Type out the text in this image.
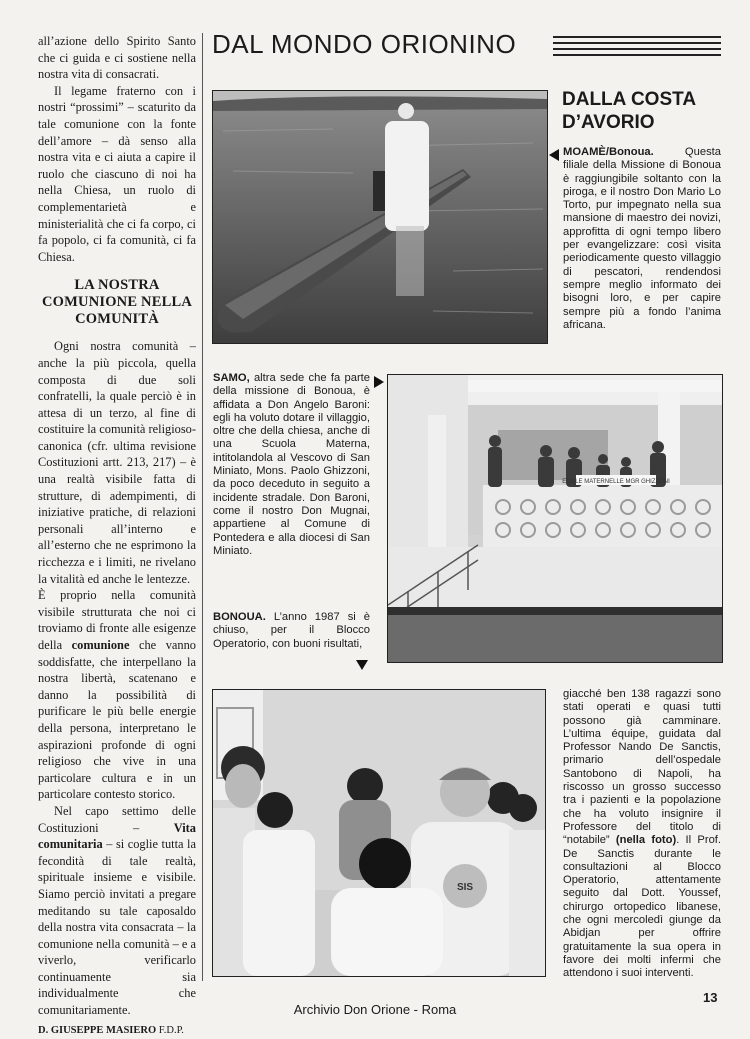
all’azione dello Spirito Santo che ci guida e ci sostiene nella nostra vita di consacrati.

Il legame fraterno con i nostri “prossimi” – scaturito da tale comunione con la fonte dell’amore – dà senso alla nostra vita e ci aiuta a capire il ruolo che ciascuno di noi ha nella Chiesa, un ruolo di complementarietà e ministerialità che ci fa corpo, ci fa popolo, ci fa comunità, ci fa Chiesa.

LA NOSTRA COMUNIONE NELLA COMUNITÀ

Ogni nostra comunità – anche la più piccola, quella composta di due soli confratelli, la quale perciò è in attesa di un terzo, al fine di costituire la comunità religioso-canonica (cfr. ultima revisione Costituzioni artt. 213, 217) – è una realtà visibile fatta di strutture, di adempimenti, di iniziative pratiche, di relazioni personali all’interno e all’esterno che ne esprimono la ricchezza e i limiti, ne rivelano la vitalità ed anche le lentezze.

È proprio nella comunità visibile strutturata che noi ci troviamo di fronte alle esigenze della comunione che vanno soddisfatte, che interpellano la nostra libertà, scatenano e danno la possibilità di purificare le più belle energie della persona, interpretano le aspirazioni profonde di ogni religioso che vive in una particolare cultura e in un particolare contesto storico.

Nel capo settimo delle Costituzioni – Vita comunitaria – si coglie tutta la fecondità di tale realtà, spirituale insieme e visibile. Siamo perciò invitati a pregare meditando su tale caposaldo della nostra vita consacrata – la comunione nella comunità – e a viverlo, verificarlo continuamente sia individualmente che comunitariamente.

D. GIUSEPPE MASIERO F.D.P.
DAL MONDO ORIONINO
DALLA COSTA
D’AVORIO
MOAMÈ/Bonoua. Questa filiale della Missione di Bonoua è raggiungibile soltanto con la piroga, e il nostro Don Mario Lo Torto, pur impegnato nella sua mansione di maestro dei novizi, approfitta di ogni tempo libero per evangelizzare: così visita periodicamente questo villaggio di pescatori, rendendosi sempre meglio informato dei bisogni loro, e per capire sempre più a fondo l’anima africana.
SAMO, altra sede che fa parte della missione di Bonoua, è affidata a Don Angelo Baroni: egli ha voluto dotare il villaggio, oltre che della chiesa, anche di una Scuola Materna, intitolandola al Vescovo di San Miniato, Mons. Paolo Ghizzoni, da poco deceduto in seguito a incidente stradale. Don Baroni, come il nostro Don Mugnai, appartiene al Comune di Pontedera e alla diocesi di San Miniato.
ECOLE MATERNELLE MGR GHIZZONI
BONOUA. L’anno 1987 si è chiuso, per il Blocco Operatorio, con buoni risultati,
SIS
giacché ben 138 ragazzi sono stati operati e quasi tutti possono già camminare. L’ultima équipe, guidata dal Professor Nando De Sanctis, primario dell’ospedale Santobono di Napoli, ha riscosso un grosso successo tra i pazienti e la popolazione che ha voluto insignire il Professore del titolo di “notabile” (nella foto). Il Prof. De Sanctis durante le consultazioni al Blocco Operatorio, attentamente seguito dal Dott. Youssef, chirurgo ortopedico libanese, che ogni mercoledì giunge da Abidjan per offrire gratuitamente la sua opera in favore dei molti infermi che attendono i suoi interventi.
13
Archivio Don Orione - Roma
